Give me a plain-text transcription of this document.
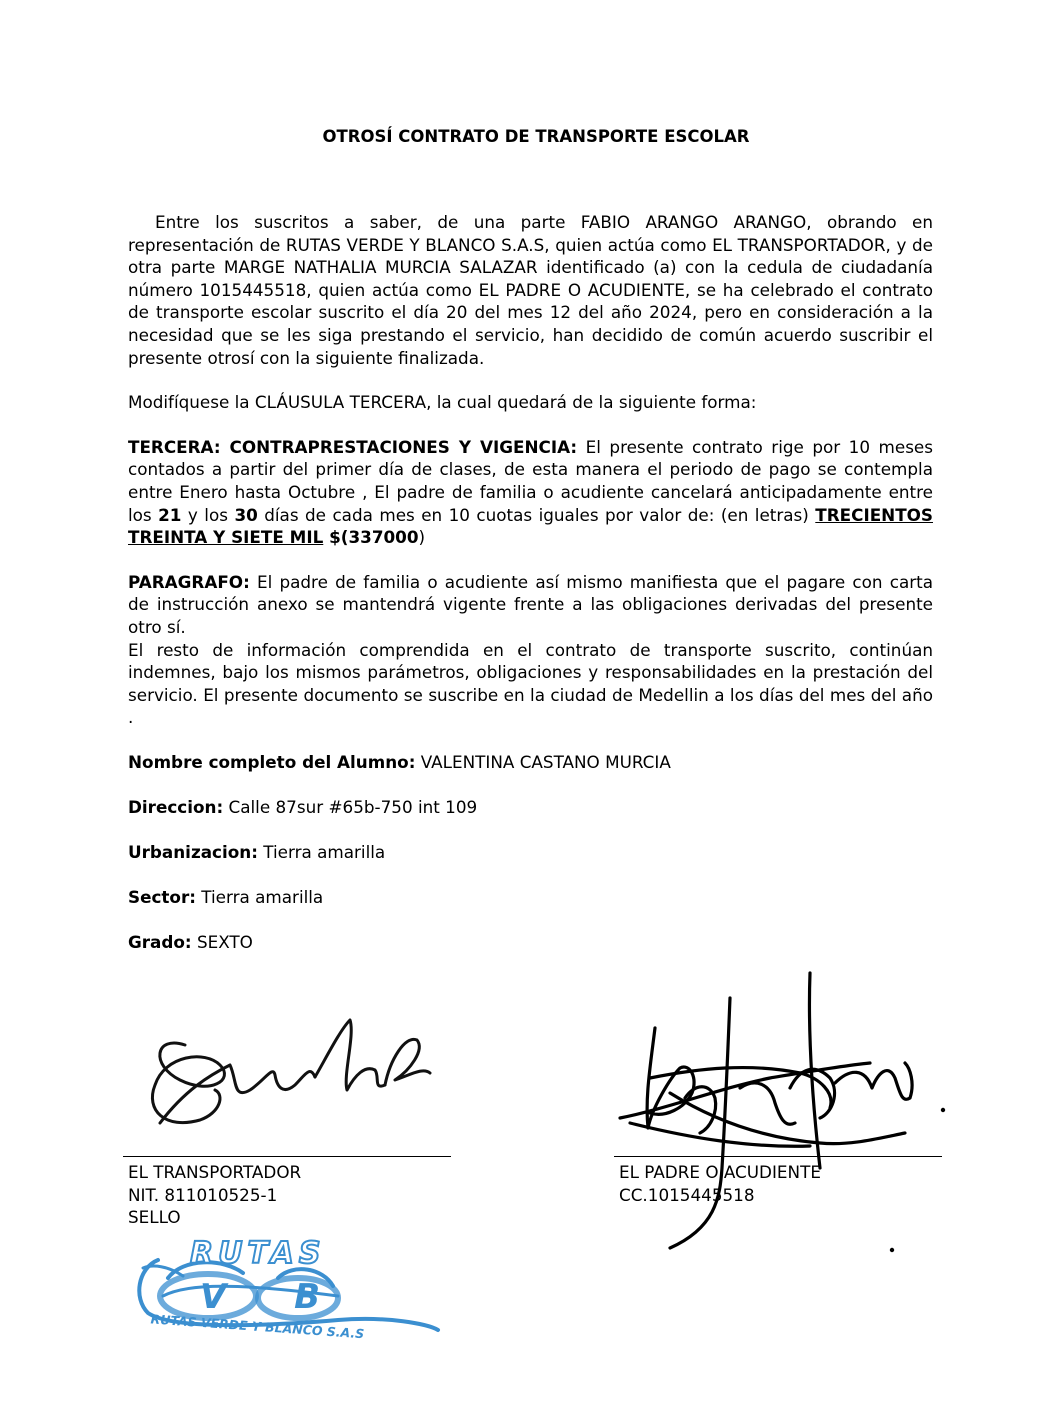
OTROSÍ CONTRATO DE TRANSPORTE ESCOLAR

Entre los suscritos a saber, de una parte FABIO ARANGO ARANGO, obrando en representación de RUTAS VERDE Y BLANCO S.A.S, quien actúa como EL TRANSPORTADOR, y de otra parte MARGE NATHALIA MURCIA SALAZAR identificado (a) con la cedula de ciudadanía número 1015445518, quien actúa como EL PADRE O ACUDIENTE, se ha celebrado el contrato de transporte escolar suscrito el día 20 del mes 12 del año 2024, pero en consideración a la necesidad que se les siga prestando el servicio, han decidido de común acuerdo suscribir el presente otrosí con la siguiente finalizada.

Modifíquese la CLÁUSULA TERCERA, la cual quedará de la siguiente forma:

TERCERA: CONTRAPRESTACIONES Y VIGENCIA: El presente contrato rige por 10 meses contados a partir del primer día de clases, de esta manera el periodo de pago se contempla entre Enero hasta Octubre , El padre de familia o acudiente cancelará anticipadamente entre los 21 y los 30 días de cada mes en 10 cuotas iguales por valor de: (en letras) TRECIENTOS TREINTA Y SIETE MIL $(337000)

PARAGRAFO: El padre de familia o acudiente así mismo manifiesta que el pagare con carta de instrucción anexo se mantendrá vigente frente a las obligaciones derivadas del presente otro sí.

El resto de información comprendida en el contrato de transporte suscrito, continúan indemnes, bajo los mismos parámetros, obligaciones y responsabilidades en la prestación del servicio. El presente documento se suscribe en la ciudad de Medellin a los días del mes del año .

Nombre completo del Alumno: VALENTINA CASTANO MURCIA
Direccion: Calle 87sur #65b-750 int 109
Urbanizacion: Tierra amarilla
Sector: Tierra amarilla
Grado: SEXTO
EL TRANSPORTADOR
NIT. 811010525-1
SELLO
EL PADRE O ACUDIENTE
CC.1015445518
RUTAS
V B
RUTAS VERDE Y BLANCO S.A.S
